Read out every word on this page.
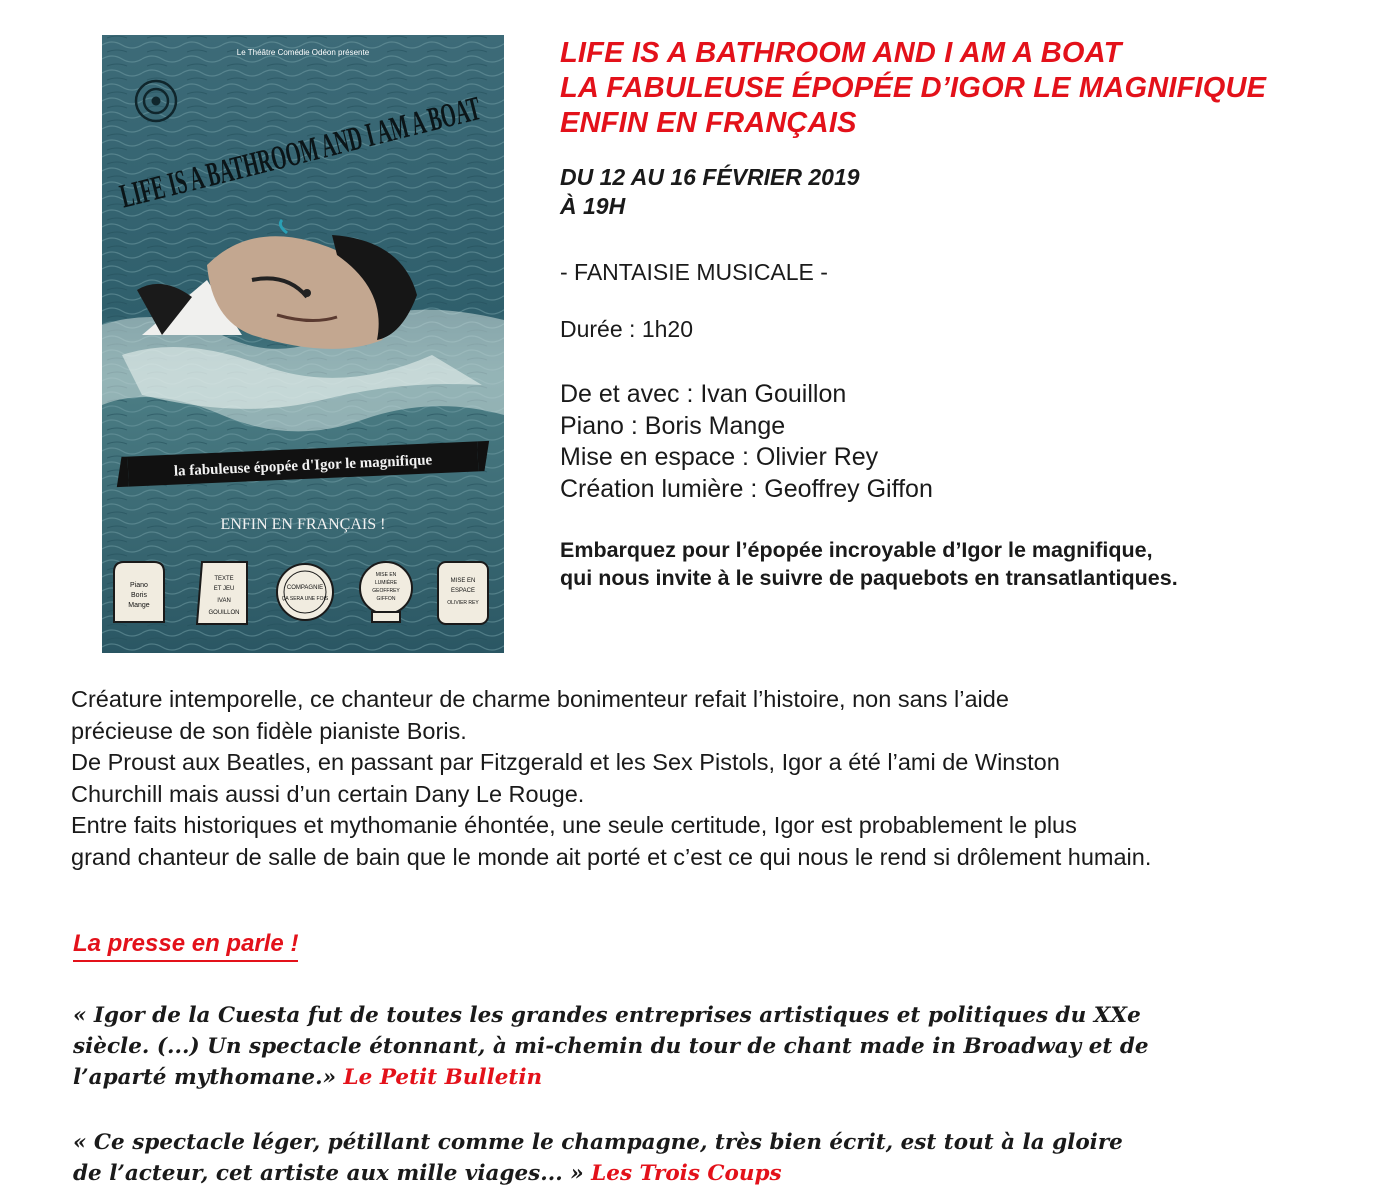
Le Théâtre Comédie Odéon présente
la fabuleuse épopée d'Igor le magnifique
ENFIN EN FRANÇAIS !
Piano
Boris
Mange
TEXTE
ET JEU
IVAN
GOUILLON
COMPAGNIE
ÇA SERA UNE FOIS
MISE EN
LUMIÈRE
GEOFFREY
GIFFON
MISE EN
ESPACE
OLIVIER REY

LIFE IS A BATHROOM AND I AM A BOAT

LA FABULEUSE ÉPOPÉE D’IGOR LE MAGNIFIQUE

ENFIN EN FRANÇAIS

DU 12 AU 16 FÉVRIER 2019

À 19H

- FANTAISIE MUSICALE -
Durée : 1h20

De et avec : Ivan Gouillon

Piano : Boris Mange

Mise en espace : Olivier Rey

Création lumière : Geoffrey Giffon

Embarquez pour l’épopée incroyable d’Igor le magnifique,

qui nous invite à le suivre de paquebots en transatlantiques.

Créature intemporelle, ce chanteur de charme bonimenteur refait l’histoire, non sans l’aide

précieuse de son fidèle pianiste Boris.

De Proust aux Beatles, en passant par Fitzgerald et les Sex Pistols, Igor a été l’ami de Winston

Churchill mais aussi d’un certain Dany Le Rouge.

Entre faits historiques et mythomanie éhontée, une seule certitude, Igor est probablement le plus

grand chanteur de salle de bain que le monde ait porté et c’est ce qui nous le rend si drôlement humain.

La presse en parle !

« Igor de la Cuesta fut de toutes les grandes entreprises artistiques et politiques du XXe

siècle. (...) Un spectacle étonnant, à mi-chemin du tour de chant made in Broadway et de

l’aparté mythomane.» Le Petit Bulletin

« Ce spectacle léger, pétillant comme le champagne, très bien écrit, est tout à la gloire

de l’acteur, cet artiste aux mille viages... » Les Trois Coups
